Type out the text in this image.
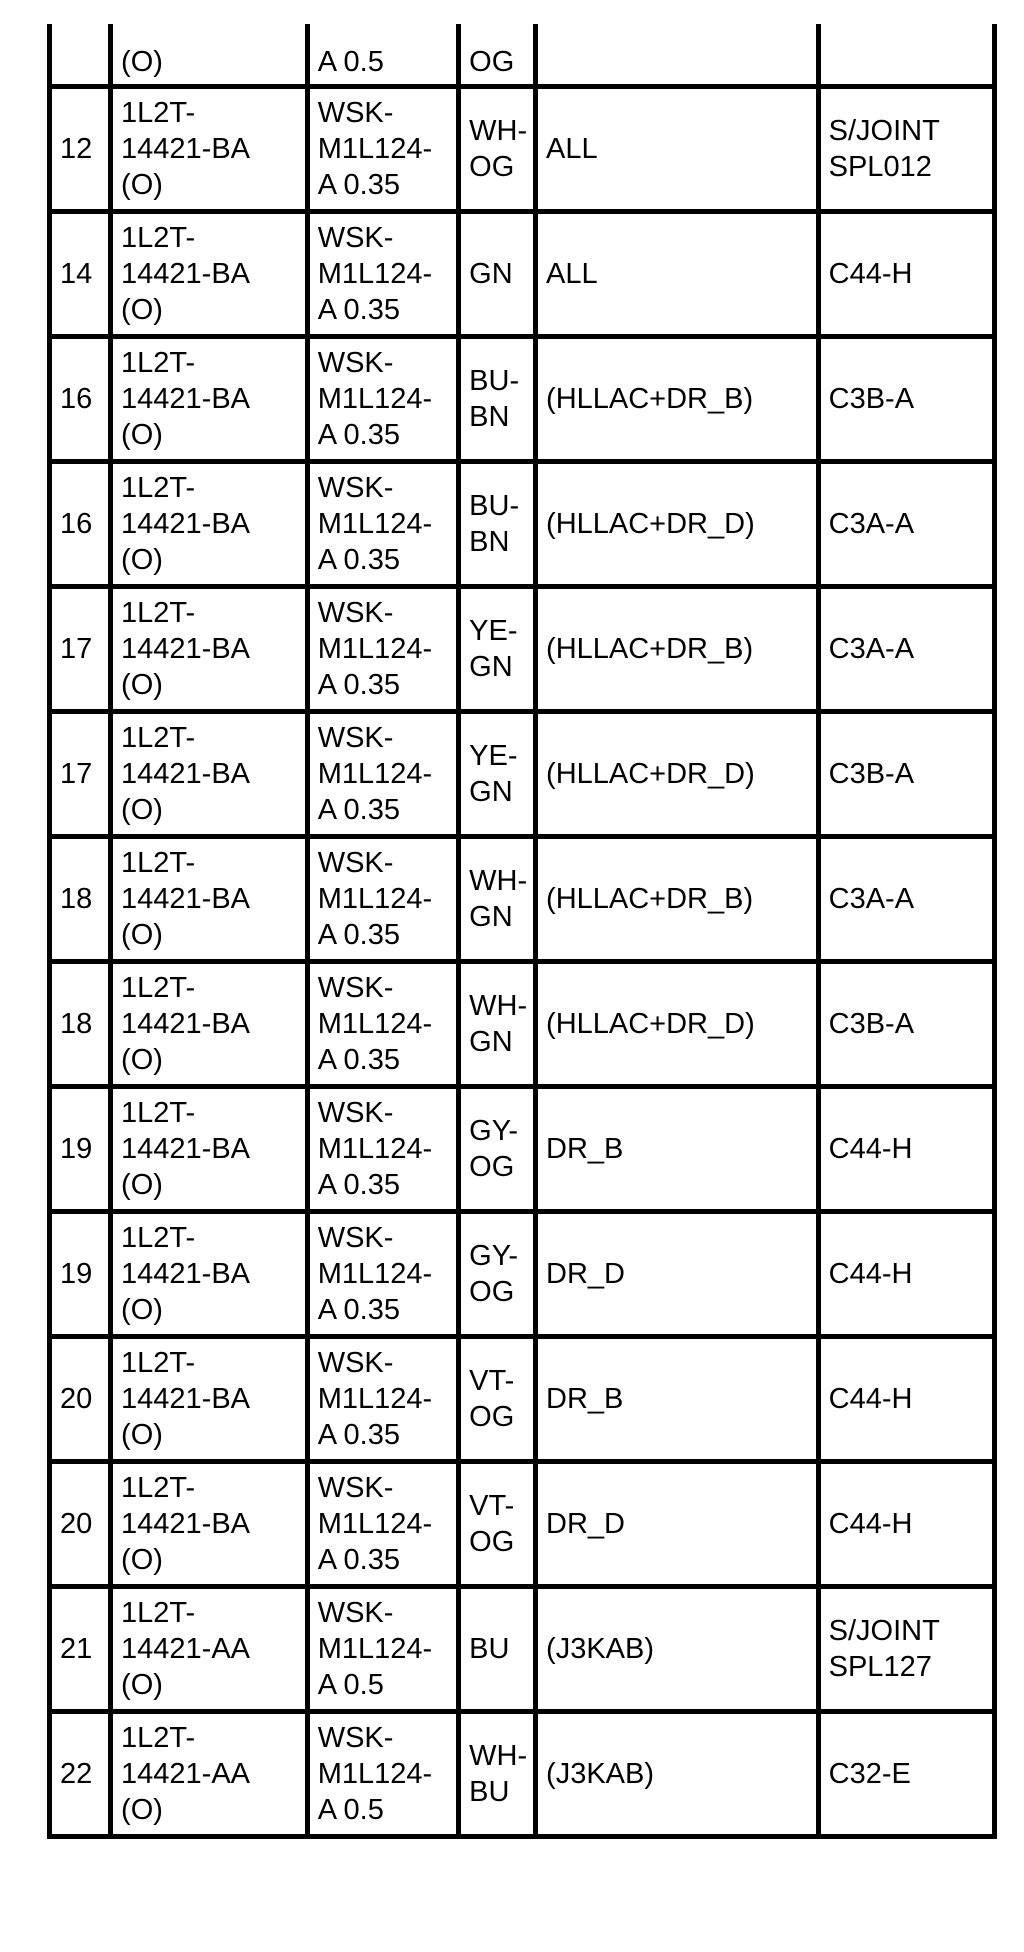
	(O)	A 0.5	OG		
12	1L2T-
14421-BA
(O)	WSK-
M1L124-
A 0.35	WH-
OG	ALL	S/JOINT
SPL012
14	1L2T-
14421-BA
(O)	WSK-
M1L124-
A 0.35	GN	ALL	C44-H
16	1L2T-
14421-BA
(O)	WSK-
M1L124-
A 0.35	BU-
BN	(HLLAC+DR_B)	C3B-A
16	1L2T-
14421-BA
(O)	WSK-
M1L124-
A 0.35	BU-
BN	(HLLAC+DR_D)	C3A-A
17	1L2T-
14421-BA
(O)	WSK-
M1L124-
A 0.35	YE-
GN	(HLLAC+DR_B)	C3A-A
17	1L2T-
14421-BA
(O)	WSK-
M1L124-
A 0.35	YE-
GN	(HLLAC+DR_D)	C3B-A
18	1L2T-
14421-BA
(O)	WSK-
M1L124-
A 0.35	WH-
GN	(HLLAC+DR_B)	C3A-A
18	1L2T-
14421-BA
(O)	WSK-
M1L124-
A 0.35	WH-
GN	(HLLAC+DR_D)	C3B-A
19	1L2T-
14421-BA
(O)	WSK-
M1L124-
A 0.35	GY-
OG	DR_B	C44-H
19	1L2T-
14421-BA
(O)	WSK-
M1L124-
A 0.35	GY-
OG	DR_D	C44-H
20	1L2T-
14421-BA
(O)	WSK-
M1L124-
A 0.35	VT-
OG	DR_B	C44-H
20	1L2T-
14421-BA
(O)	WSK-
M1L124-
A 0.35	VT-
OG	DR_D	C44-H
21	1L2T-
14421-AA
(O)	WSK-
M1L124-
A 0.5	BU	(J3KAB)	S/JOINT
SPL127
22	1L2T-
14421-AA
(O)	WSK-
M1L124-
A 0.5	WH-
BU	(J3KAB)	C32-E
